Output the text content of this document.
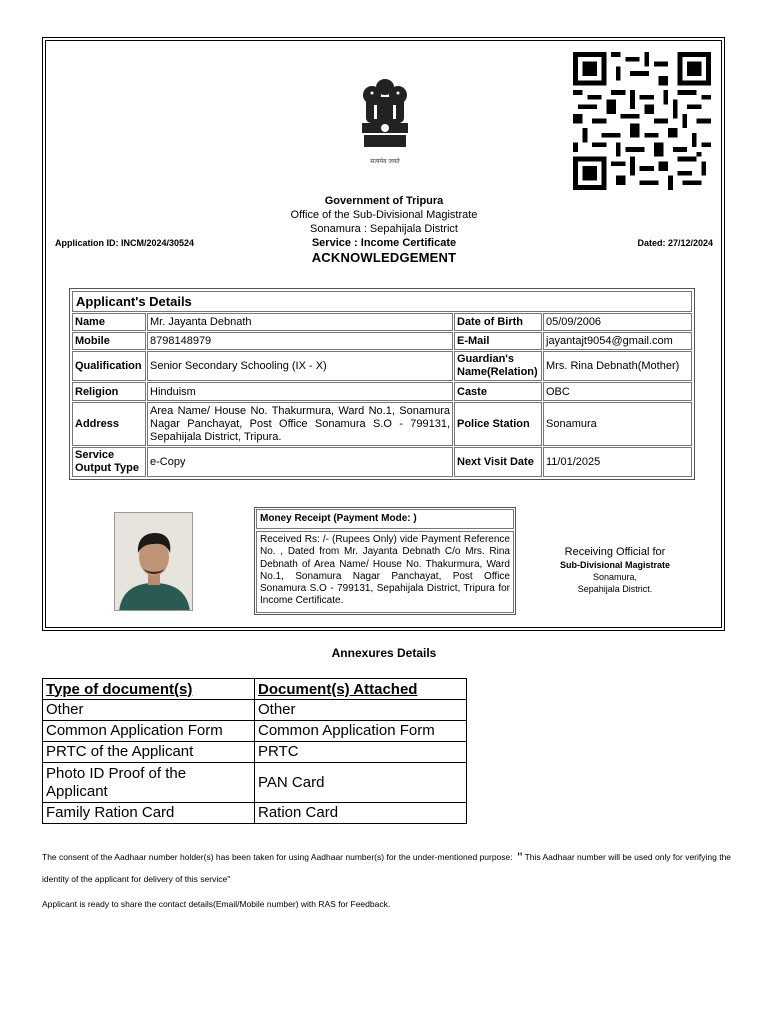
सत्यमेव जयते
Government of Tripura
Office of the Sub-Divisional Magistrate
Sonamura : Sepahijala District
Service : Income Certificate
ACKNOWLEDGEMENT
Application ID: INCM/2024/30524	Dated: 27/12/2024
Applicant's Details			
Name	Mr. Jayanta Debnath	Date of Birth	05/09/2006
Mobile	8798148979	E-Mail	jayantajt9054@gmail.com
Qualification	Senior Secondary Schooling (IX - X)	Guardian's Name(Relation)	Mrs. Rina Debnath(Mother)
Religion	Hinduism	Caste	OBC
Address	Area Name/ House No. Thakurmura, Ward No.1, Sonamura Nagar Panchayat, Post Office Sonamura S.O - 799131, Sepahijala District, Tripura.	Police Station	Sonamura
Service Output Type	e-Copy	Next Visit Date	11/01/2025
Money Receipt (Payment Mode: )
Received Rs: /- (Rupees Only) vide Payment Reference No. , Dated from Mr. Jayanta Debnath C/o Mrs. Rina Debnath of Area Name/ House No. Thakurmura, Ward No.1, Sonamura Nagar Panchayat, Post Office Sonamura S.O - 799131, Sepahijala District, Tripura for Income Certificate.
Receiving Official for
Sub-Divisional Magistrate
Sonamura,
Sepahijala District.
Annexures Details
Type of document(s)	Document(s) Attached
Other	Other
Common Application Form	Common Application Form
PRTC of the Applicant	PRTC
Photo ID Proof of the Applicant	PAN Card
Family Ration Card	Ration Card
The consent of the Aadhaar number holder(s) has been taken for using Aadhaar number(s) for the under-mentioned purpose: " This Aadhaar number will be used only for verifying the identity of the applicant for delivery of this service"
Applicant is ready to share the contact details(Email/Mobile number) with RAS for Feedback.
